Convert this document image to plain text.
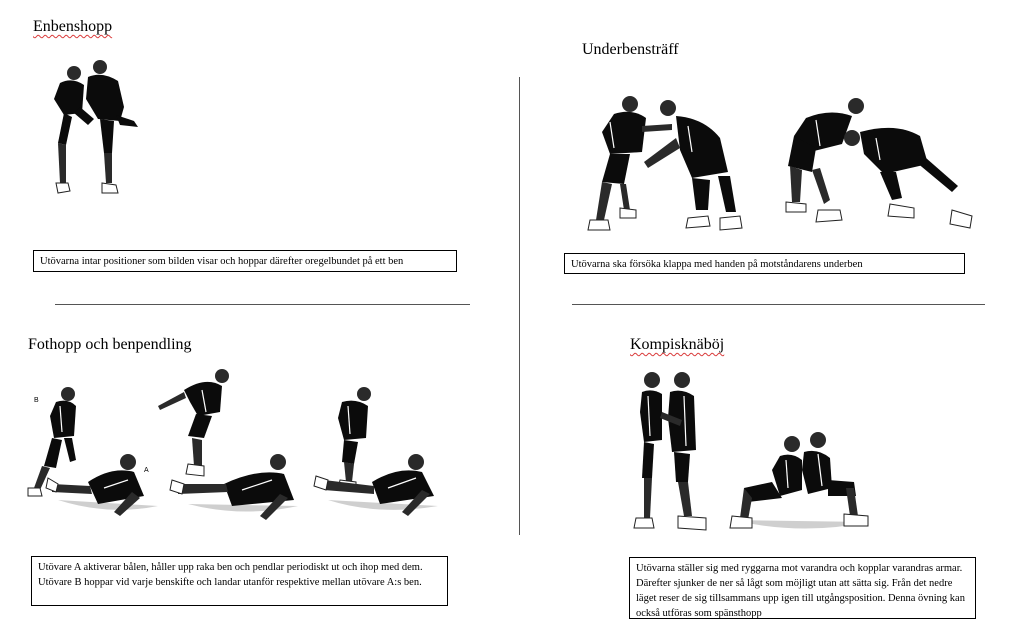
Enbenshopp
Underbensträff
Fothopp och benpendling	Kompisknäböj
Utövarna intar positioner som bilden visar och hoppar därefter oregelbundet på ett ben	Utövarna ska försöka klappa med handen på motståndarens underben
B
A
Utövare A aktiverar bålen, håller upp raka ben och pendlar periodiskt ut och ihop med dem. Utövare B hoppar vid varje benskifte och landar utanför respektive mellan utövare A:s ben.
Utövarna ställer sig med ryggarna mot varandra och kopplar varandras armar. Därefter sjunker de ner så lågt som möjligt utan att sätta sig. Från det nedre läget reser de sig tillsammans upp igen till utgångsposition. Denna övning kan också utföras som spänsthopp
